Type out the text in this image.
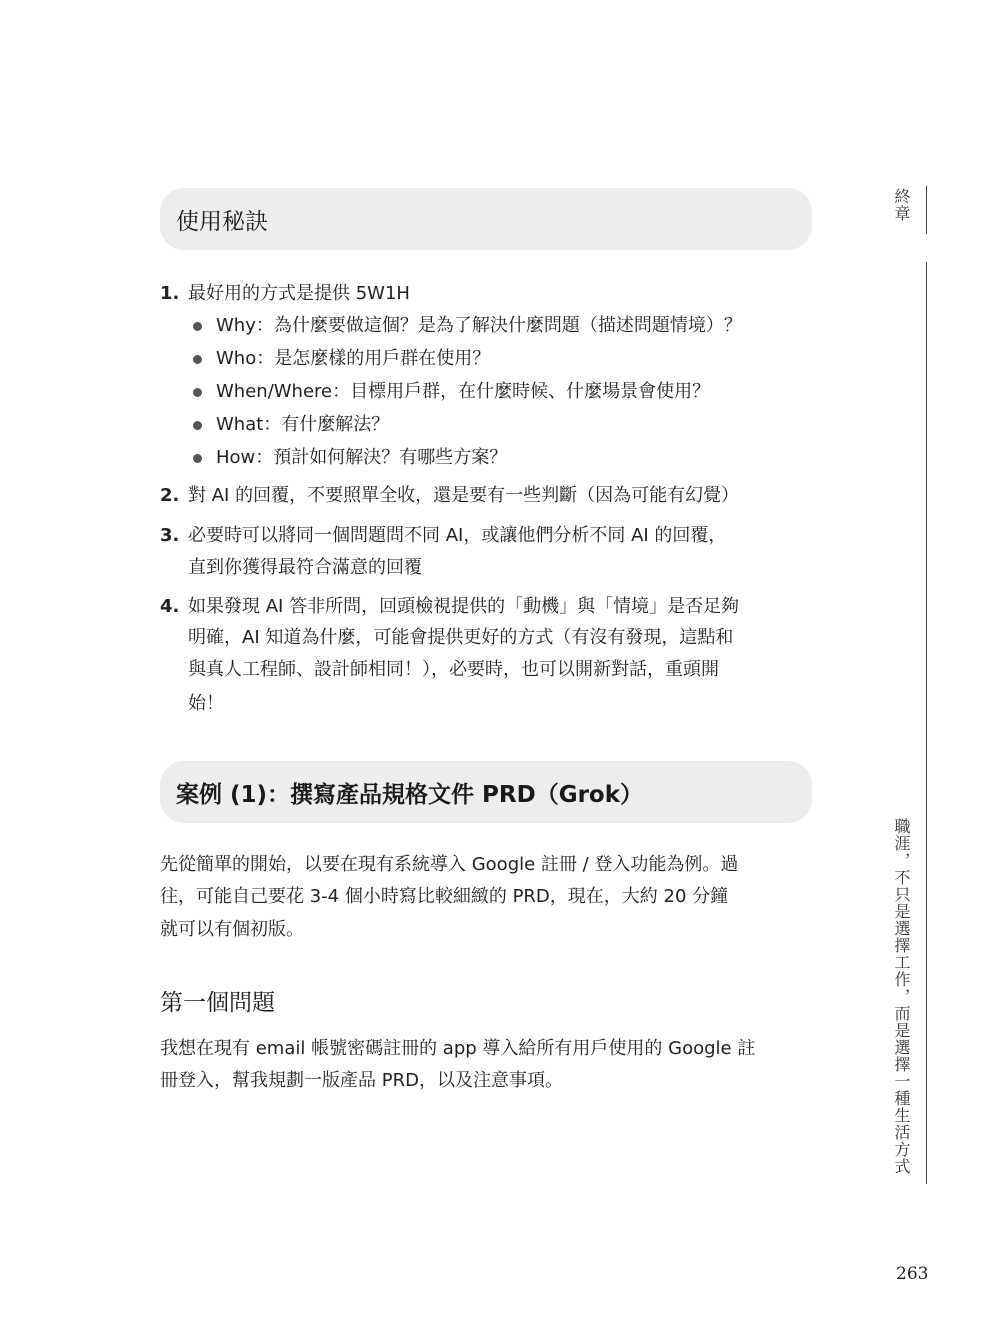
使用秘訣
1. 最好用的方式是提供 5W1H
Why：為什麼要做這個？是為了解決什麼問題（描述問題情境）？
Who：是怎麼樣的用戶群在使用？
When/Where：目標用戶群，在什麼時候、什麼場景會使用？
What：有什麼解法？
How：預計如何解決？有哪些方案？
2. 對 AI 的回覆，不要照單全收，還是要有一些判斷（因為可能有幻覺）
3. 必要時可以將同一個問題問不同 AI，或讓他們分析不同 AI 的回覆，
直到你獲得最符合滿意的回覆
4. 如果發現 AI 答非所問，回頭檢視提供的「動機」與「情境」是否足夠
明確，AI 知道為什麼，可能會提供更好的方式（有沒有發現，這點和
與真人工程師、設計師相同！），必要時，也可以開新對話，重頭開
始！
案例 (1)：撰寫產品規格文件 PRD（Grok）
先從簡單的開始，以要在現有系統導入 Google 註冊 / 登入功能為例。過
往，可能自己要花 3-4 個小時寫比較細緻的 PRD，現在，大約 20 分鐘
就可以有個初版。
第一個問題
我想在現有 email 帳號密碼註冊的 app 導入給所有用戶使用的 Google 註
冊登入，幫我規劃一版產品 PRD，以及注意事項。
終章
職涯，不只是選擇工作，而是選擇一種生活方式
263
